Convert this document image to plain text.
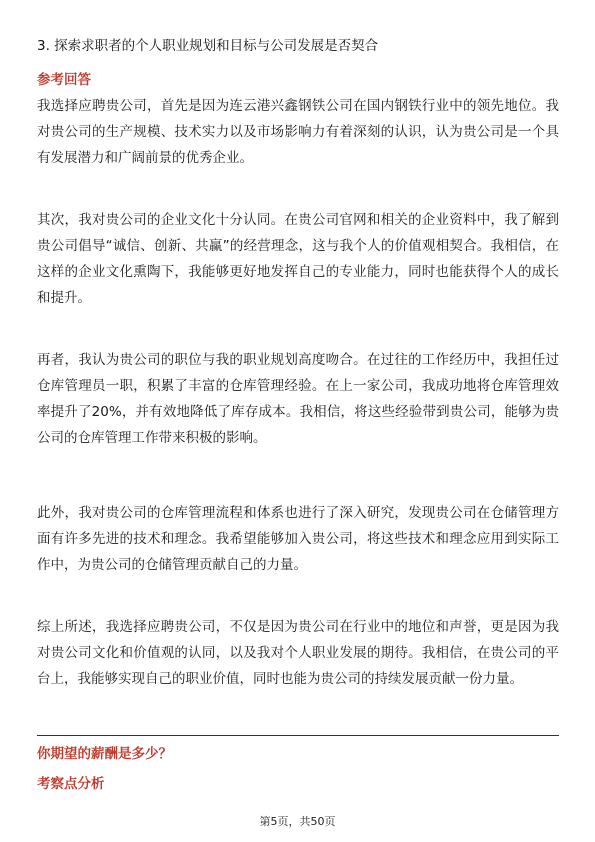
3. 探索求职者的个人职业规划和目标与公司发展是否契合
参考回答

我选择应聘贵公司，首先是因为连云港兴鑫钢铁公司在国内钢铁行业中的领先地位。我对贵公司的生产规模、技术实力以及市场影响力有着深刻的认识，认为贵公司是一个具有发展潜力和广阔前景的优秀企业。

其次，我对贵公司的企业文化十分认同。在贵公司官网和相关的企业资料中，我了解到贵公司倡导“诚信、创新、共赢”的经营理念，这与我个人的价值观相契合。我相信，在这样的企业文化熏陶下，我能够更好地发挥自己的专业能力，同时也能获得个人的成长和提升。

再者，我认为贵公司的职位与我的职业规划高度吻合。在过往的工作经历中，我担任过仓库管理员一职，积累了丰富的仓库管理经验。在上一家公司，我成功地将仓库管理效率提升了20%，并有效地降低了库存成本。我相信，将这些经验带到贵公司，能够为贵公司的仓库管理工作带来积极的影响。

此外，我对贵公司的仓库管理流程和体系也进行了深入研究，发现贵公司在仓储管理方面有许多先进的技术和理念。我希望能够加入贵公司，将这些技术和理念应用到实际工作中，为贵公司的仓储管理贡献自己的力量。

综上所述，我选择应聘贵公司，不仅是因为贵公司在行业中的地位和声誉，更是因为我对贵公司文化和价值观的认同，以及我对个人职业发展的期待。我相信，在贵公司的平台上，我能够实现自己的职业价值，同时也能为贵公司的持续发展贡献一份力量。

你期望的薪酬是多少？
考察点分析
第5页，共50页
